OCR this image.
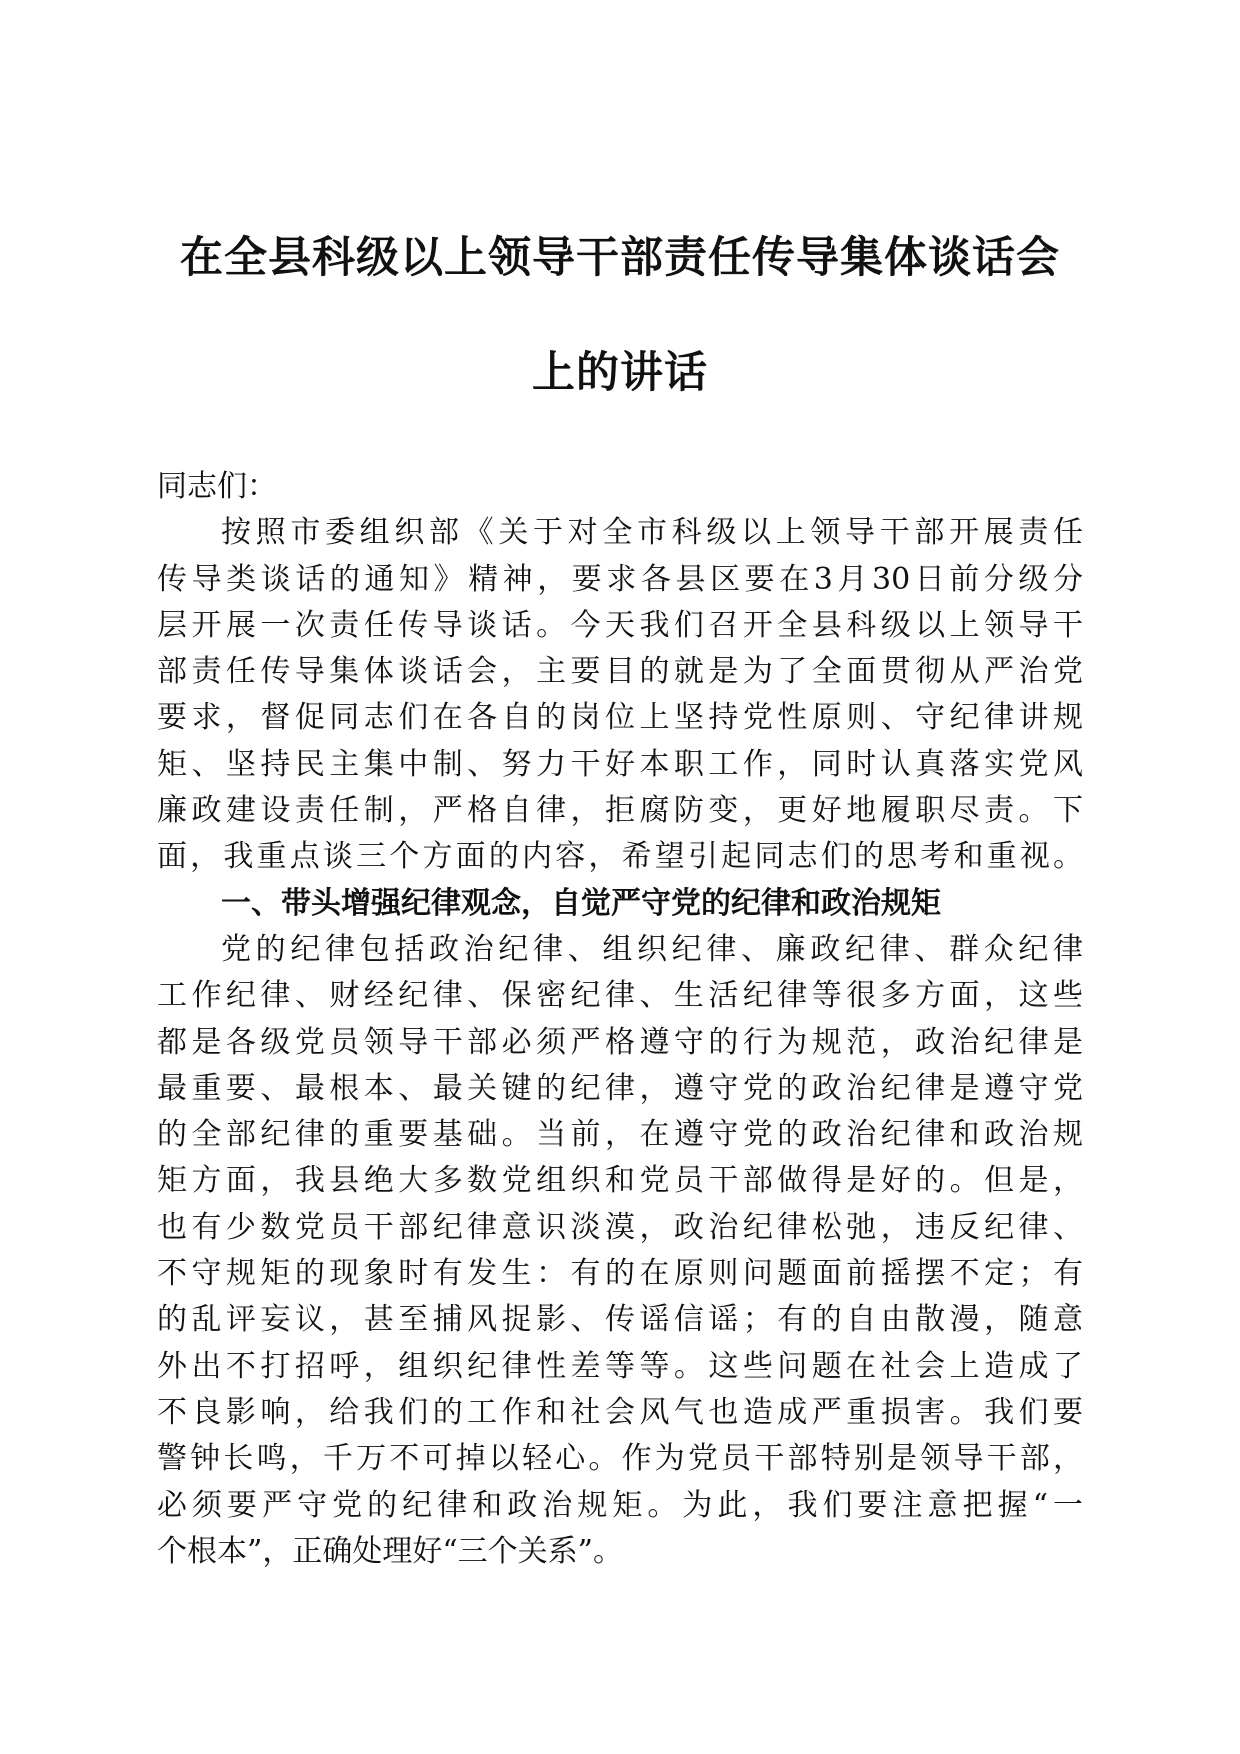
在全县科级以上领导干部责任传导集体谈话会
上的讲话
同志们：
按照市委组织部《关于对全市科级以上领导干部开展责任
传导类谈话的通知》精神，要求各县区要在3月30日前分级分
层开展一次责任传导谈话。今天我们召开全县科级以上领导干
部责任传导集体谈话会，主要目的就是为了全面贯彻从严治党
要求，督促同志们在各自的岗位上坚持党性原则、守纪律讲规
矩、坚持民主集中制、努力干好本职工作，同时认真落实党风
廉政建设责任制，严格自律，拒腐防变，更好地履职尽责。下
面，我重点谈三个方面的内容，希望引起同志们的思考和重视。
一、带头增强纪律观念，自觉严守党的纪律和政治规矩
党的纪律包括政治纪律、组织纪律、廉政纪律、群众纪律
工作纪律、财经纪律、保密纪律、生活纪律等很多方面，这些
都是各级党员领导干部必须严格遵守的行为规范，政治纪律是
最重要、最根本、最关键的纪律，遵守党的政治纪律是遵守党
的全部纪律的重要基础。当前，在遵守党的政治纪律和政治规
矩方面，我县绝大多数党组织和党员干部做得是好的。但是，
也有少数党员干部纪律意识淡漠，政治纪律松弛，违反纪律、
不守规矩的现象时有发生：有的在原则问题面前摇摆不定；有
的乱评妄议，甚至捕风捉影、传谣信谣；有的自由散漫，随意
外出不打招呼，组织纪律性差等等。这些问题在社会上造成了
不良影响，给我们的工作和社会风气也造成严重损害。我们要
警钟长鸣，千万不可掉以轻心。作为党员干部特别是领导干部，
必须要严守党的纪律和政治规矩。为此，我们要注意把握“一
个根本”，正确处理好“三个关系”。
